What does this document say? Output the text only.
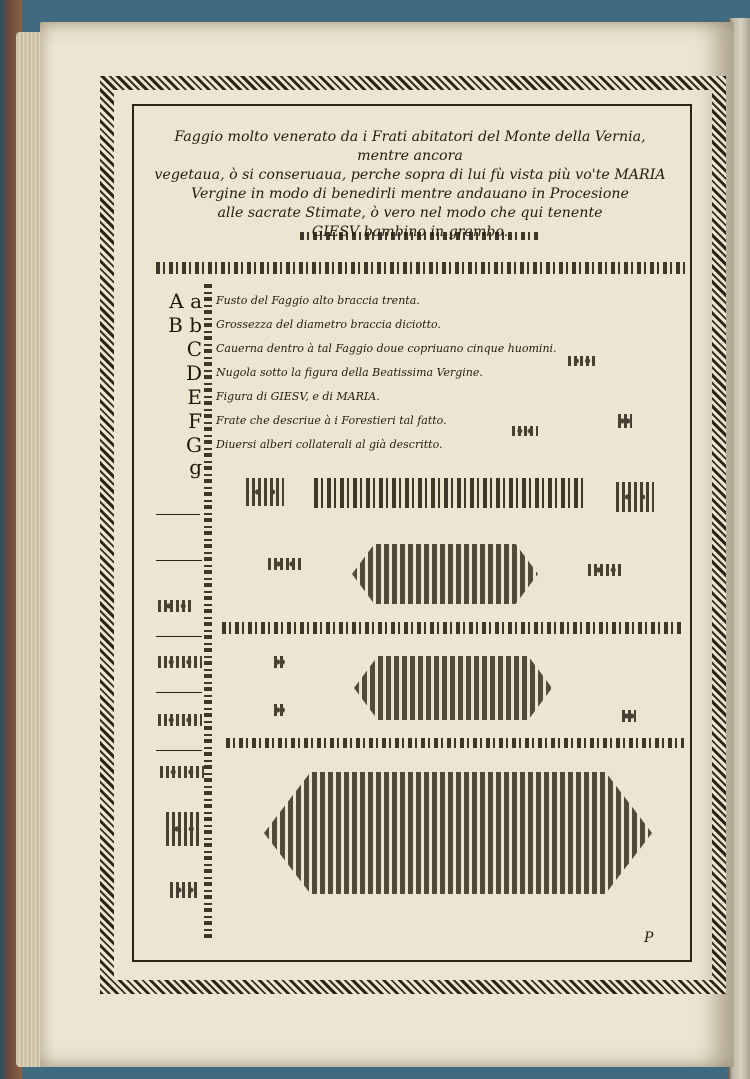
Faggio molto venerato da i Frati abitatori del Monte della Vernia, mentre ancora
vegetaua, ò si conseruaua, perche sopra di lui fù vista più vo'te MARIA
Vergine in modo di benedirli mentre andauano in Procesione
alle sacrate Stimate, ò vero nel modo che qui tenente
GIESV bambino in grembo.
A a Fusto del Faggio alto braccia trenta.
B b Grossezza del diametro braccia diciotto.
C Cauerna dentro à tal Faggio doue copriuano cinque huomini.
D Nugola sotto la figura della Beatissima Vergine.
E Figura di GIESV, e di MARIA.
F Frate che descriue à i Forestieri tal fatto.
G g
Diuersi alberi collaterali al già descritto.
P
